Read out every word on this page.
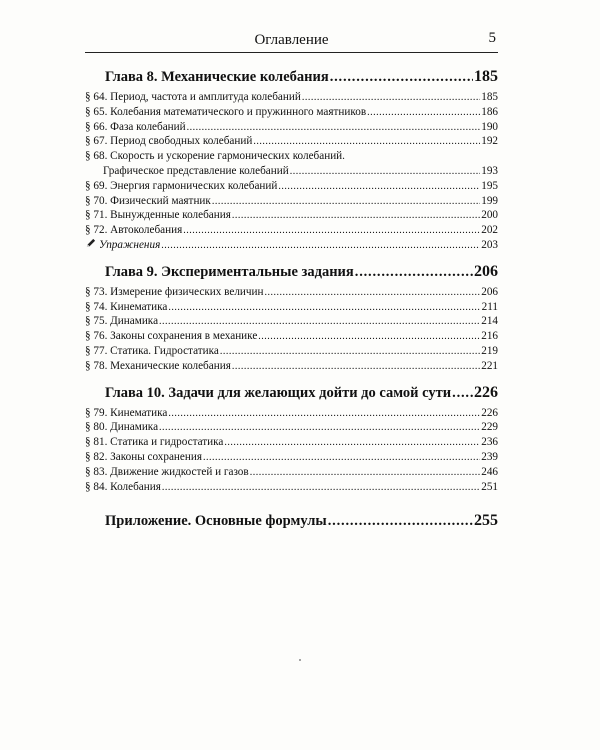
Оглавление	5
Глава 8. Механические колебания .....	185
§ 64. Период, частота и амплитуда колебаний .....	185
§ 65. Колебания математического и пружинного маятников .....	186
§ 66. Фаза колебаний .....	190
§ 67. Период свободных колебаний .....	192
§ 68. Скорость и ускорение гармонических колебаний.
Графическое представление колебаний .....	193
§ 69. Энергия гармонических колебаний .....	195
§ 70. Физический маятник .....	199
§ 71. Вынужденные колебания .....	200
§ 72. Автоколебания .....	202
Упражнения .....	203
Глава 9. Экспериментальные задания .....	206
§ 73. Измерение физических величин .....	206
§ 74. Кинематика .....	211
§ 75. Динамика .....	214
§ 76. Законы сохранения в механике .....	216
§ 77. Статика. Гидростатика .....	219
§ 78. Механические колебания .....	221
Глава 10. Задачи для желающих дойти до самой сути ..... 226
§ 79. Кинематика .....	226
§ 80. Динамика .....	229
§ 81. Статика и гидростатика .....	236
§ 82. Законы сохранения .....	239
§ 83. Движение жидкостей и газов .....	246
§ 84. Колебания .....	251
Приложение. Основные формулы .....	255
